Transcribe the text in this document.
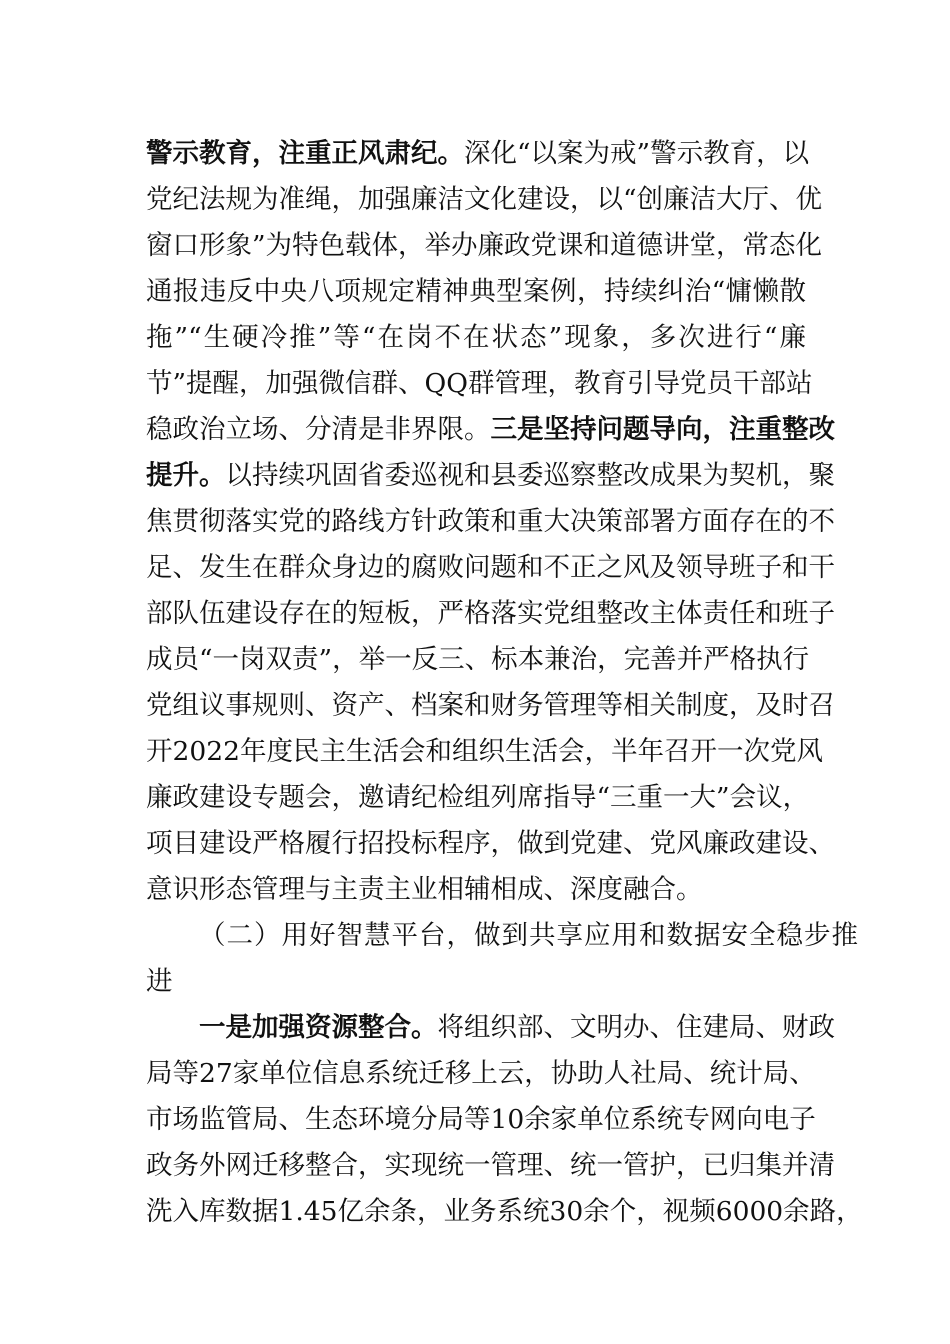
警示教育，注重正风肃纪。深化“以案为戒”警示教育，以
党纪法规为准绳，加强廉洁文化建设，以“创廉洁大厅、优
窗口形象”为特色载体，举办廉政党课和道德讲堂，常态化
通报违反中央八项规定精神典型案例，持续纠治“慵懒散
拖”“生硬冷推”等“在岗不在状态”现象，多次进行“廉
节”提醒，加强微信群、QQ群管理，教育引导党员干部站
稳政治立场、分清是非界限。三是坚持问题导向，注重整改
提升。以持续巩固省委巡视和县委巡察整改成果为契机，聚
焦贯彻落实党的路线方针政策和重大决策部署方面存在的不
足、发生在群众身边的腐败问题和不正之风及领导班子和干
部队伍建设存在的短板，严格落实党组整改主体责任和班子
成员“一岗双责”，举一反三、标本兼治，完善并严格执行
党组议事规则、资产、档案和财务管理等相关制度，及时召
开2022年度民主生活会和组织生活会，半年召开一次党风
廉政建设专题会，邀请纪检组列席指导“三重一大”会议，
项目建设严格履行招投标程序，做到党建、党风廉政建设、
意识形态管理与主责主业相辅相成、深度融合。
（二）用好智慧平台，做到共享应用和数据安全稳步推
进
一是加强资源整合。将组织部、文明办、住建局、财政
局等27家单位信息系统迁移上云，协助人社局、统计局、
市场监管局、生态环境分局等10余家单位系统专网向电子
政务外网迁移整合，实现统一管理、统一管护，已归集并清
洗入库数据1.45亿余条，业务系统30余个，视频6000余路，
